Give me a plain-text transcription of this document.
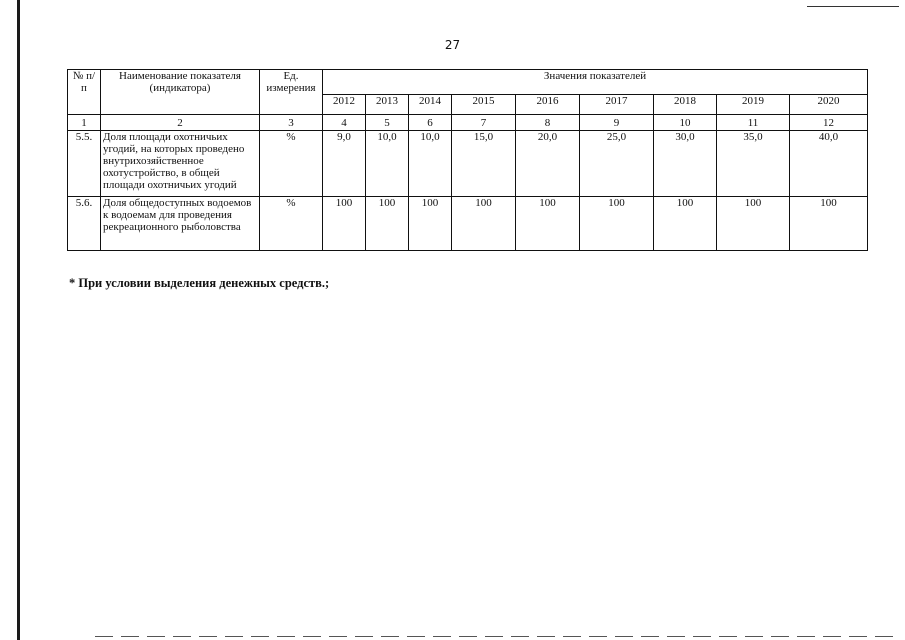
27
№ п/п	Наименование показателя (индикатора)	Ед. измерения	Значения показателей								
			2012	2013	2014	2015	2016	2017	2018	2019	2020
1	2	3	4	5	6	7	8	9	10	11	12
5.5.	Доля площади охотничьих угодий, на которых проведено внутрихозяйственное охотустройство, в общей площади охотничьих угодий	%	9,0	10,0	10,0	15,0	20,0	25,0	30,0	35,0	40,0
5.6.	Доля общедоступных водоемов к водоемам для проведения рекреационного рыболовства	%	100	100	100	100	100	100	100	100	100
* При условии выделения денежных средств.;
